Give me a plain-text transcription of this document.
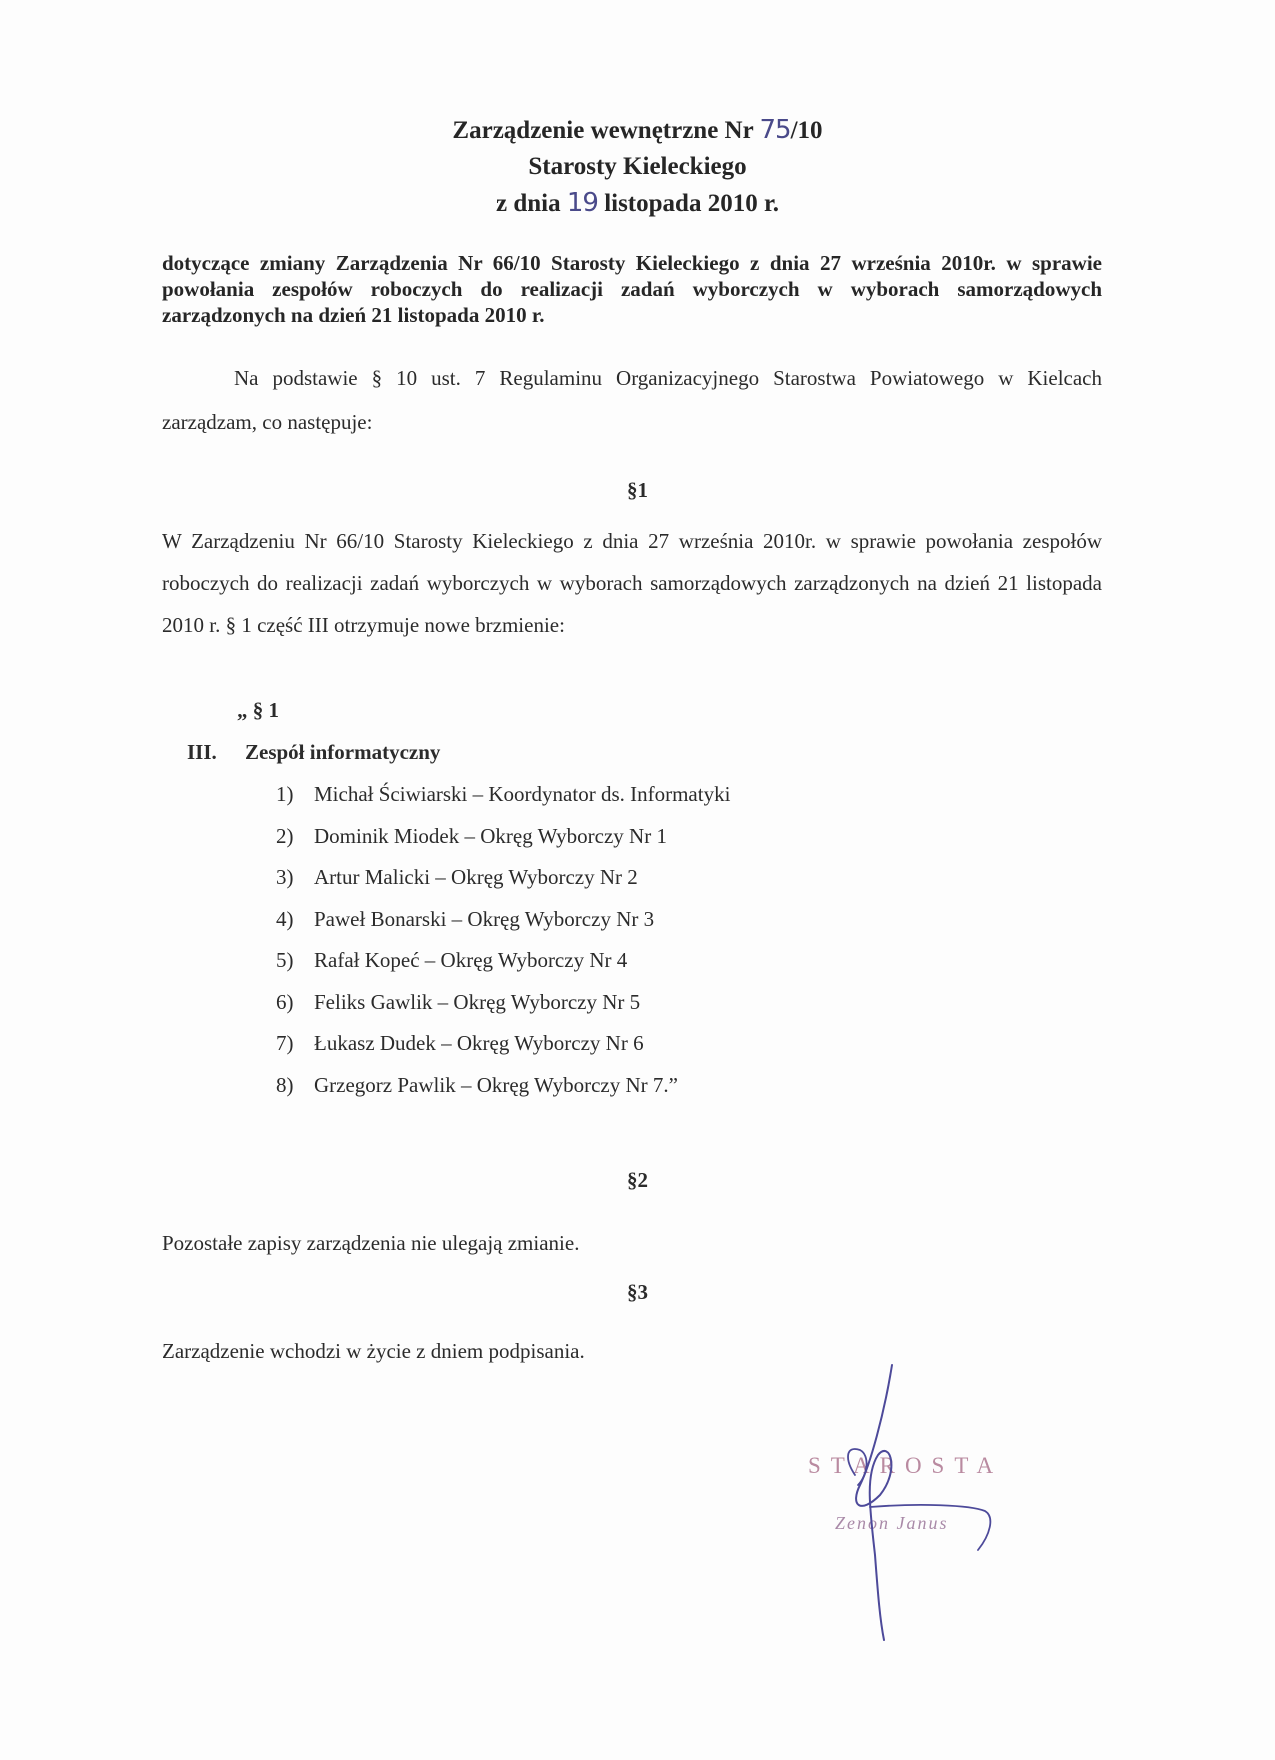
Zarządzenie wewnętrzne Nr 75/10
Starosty Kieleckiego
z dnia 19 listopada 2010 r.
dotyczące zmiany Zarządzenia Nr 66/10 Starosty Kieleckiego z dnia 27 września 2010r. w sprawie powołania zespołów roboczych do realizacji zadań wyborczych w wyborach samorządowych zarządzonych na dzień 21 listopada 2010 r.
Na podstawie § 10 ust. 7 Regulaminu Organizacyjnego Starostwa Powiatowego w Kielcach zarządzam, co następuje:
§1
W Zarządzeniu Nr 66/10 Starosty Kieleckiego z dnia 27 września 2010r. w sprawie powołania zespołów roboczych do realizacji zadań wyborczych w wyborach samorządowych zarządzonych na dzień 21 listopada 2010 r. § 1 część III otrzymuje nowe brzmienie:
„ § 1
III. Zespół informatyczny
1) Michał Ściwiarski – Koordynator ds. Informatyki
2) Dominik Miodek – Okręg Wyborczy Nr 1
3) Artur Malicki – Okręg Wyborczy Nr 2
4) Paweł Bonarski – Okręg Wyborczy Nr 3
5) Rafał Kopeć – Okręg Wyborczy Nr 4
6) Feliks Gawlik – Okręg Wyborczy Nr 5
7) Łukasz Dudek – Okręg Wyborczy Nr 6
8) Grzegorz Pawlik – Okręg Wyborczy Nr 7.”
§2
Pozostałe zapisy zarządzenia nie ulegają zmianie.
§3
Zarządzenie wchodzi w życie z dniem podpisania.
STAROSTA
Zenon Janus
